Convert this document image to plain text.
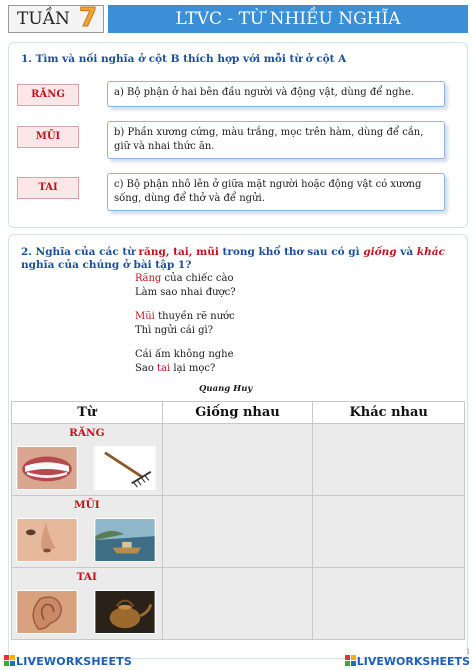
TUẦN 7	LTVC - TỪ NHIỀU NGHĨA
1. Tìm và nối nghĩa ở cột B thích hợp với mỗi từ ở cột A
RĂNG
MŨI
TAI
a) Bộ phận ở hai bên đầu người và động vật, dùng để nghe.
b) Phần xương cứng, màu trắng, mọc trên hàm, dùng để cắn, giữ và nhai thức ăn.
c) Bộ phận nhô lên ở giữa mặt người hoặc động vật có xương sống, dùng để thở và để ngửi.
2. Nghĩa của các từ răng, tai, mũi trong khổ thơ sau có gì giống và khác nghĩa của chúng ở bài tập 1?
Răng của chiếc cào
Làm sao nhai được?
Mũi thuyền rẽ nước
Thì ngửi cái gì?
Cái ấm không nghe
Sao tai lại mọc?
Quang Huy
Từ	Giống nhau	Khác nhau

RĂNG		

MŨI		

TAI		

LIVEWORKSHEETS
1
LIVEWORKSHEETS
